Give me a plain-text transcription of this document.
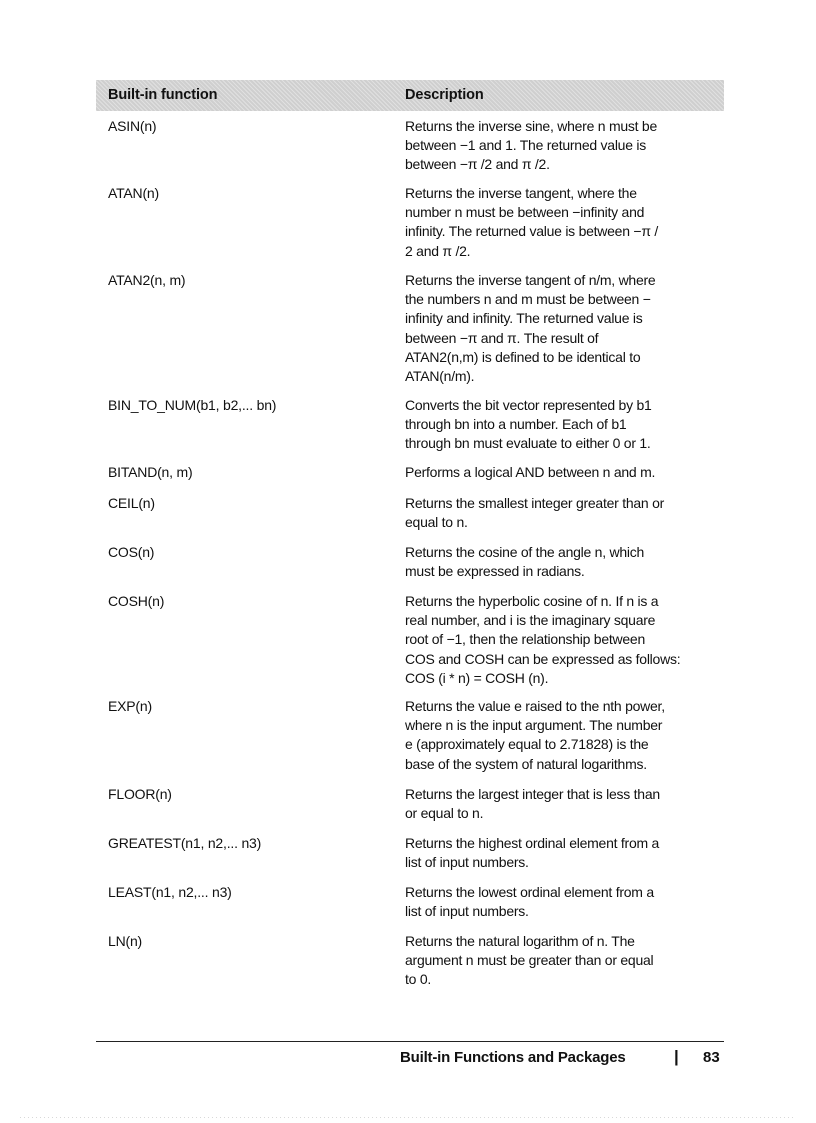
Built-in function	Description
ASIN(n)	Returns the inverse sine, where n must be

between −1 and 1. The returned value is

between −π /2 and π /2.

ATAN(n)	Returns the inverse tangent, where the

number n must be between −infinity and

infinity. The returned value is between −π /

2 and π /2.

ATAN2(n, m)	Returns the inverse tangent of n/m, where

the numbers n and m must be between −

infinity and infinity. The returned value is

between −π and π. The result of

ATAN2(n,m) is defined to be identical to

ATAN(n/m).

BIN_TO_NUM(b1, b2,... bn)	Converts the bit vector represented by b1

through bn into a number. Each of b1

through bn must evaluate to either 0 or 1.

BITAND(n, m)	Performs a logical AND between n and m.

CEIL(n)	Returns the smallest integer greater than or

equal to n.

COS(n)	Returns the cosine of the angle n, which

must be expressed in radians.

COSH(n)	Returns the hyperbolic cosine of n. If n is a

real number, and i is the imaginary square

root of −1, then the relationship between

COS and COSH can be expressed as follows:

COS (i * n) = COSH (n).

EXP(n)	Returns the value e raised to the nth power,

where n is the input argument. The number

e (approximately equal to 2.71828) is the

base of the system of natural logarithms.

FLOOR(n)	Returns the largest integer that is less than

or equal to n.

GREATEST(n1, n2,... n3)	Returns the highest ordinal element from a

list of input numbers.

LEAST(n1, n2,... n3)	Returns the lowest ordinal element from a

list of input numbers.

LN(n)	Returns the natural logarithm of n. The

argument n must be greater than or equal

to 0.

Built-in Functions and Packages	| 83
